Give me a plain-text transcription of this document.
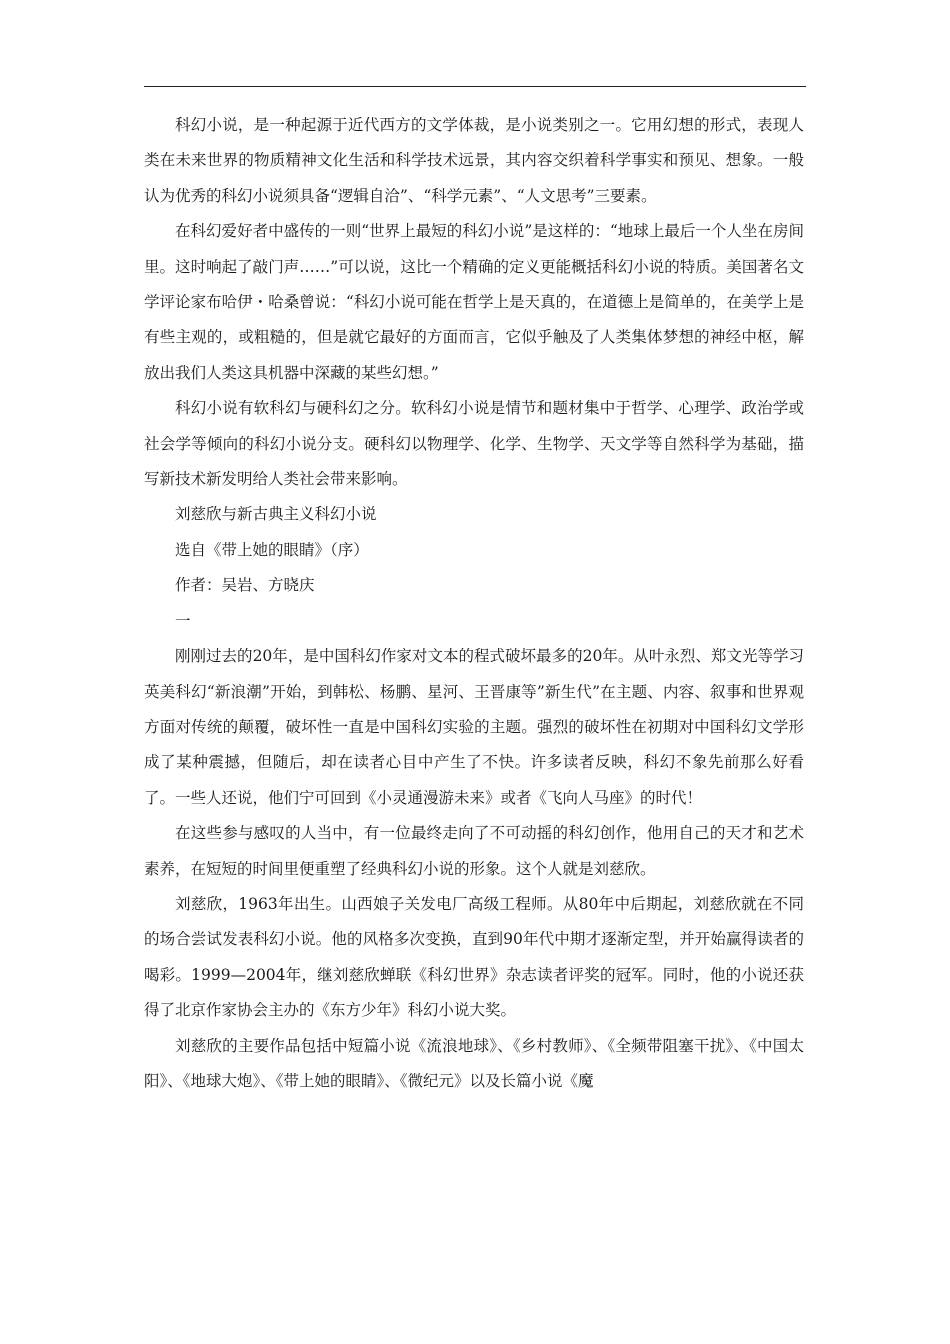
科幻小说，是一种起源于近代西方的文学体裁，是小说类别之一。它用幻想的形式，表现人类在未来世界的物质精神文化生活和科学技术远景，其内容交织着科学事实和预见、想象。一般认为优秀的科幻小说须具备“逻辑自洽”、“科学元素”、“人文思考”三要素。

在科幻爱好者中盛传的一则“世界上最短的科幻小说”是这样的：“地球上最后一个人坐在房间里。这时响起了敲门声……”可以说，这比一个精确的定义更能概括科幻小说的特质。美国著名文学评论家布哈伊・哈桑曾说：“科幻小说可能在哲学上是天真的，在道德上是简单的，在美学上是有些主观的，或粗糙的，但是就它最好的方面而言，它似乎触及了人类集体梦想的神经中枢，解放出我们人类这具机器中深藏的某些幻想。”

科幻小说有软科幻与硬科幻之分。软科幻小说是情节和题材集中于哲学、心理学、政治学或社会学等倾向的科幻小说分支。硬科幻以物理学、化学、生物学、天文学等自然科学为基础，描写新技术新发明给人类社会带来影响。

刘慈欣与新古典主义科幻小说

选自《带上她的眼睛》（序）

作者：吴岩、方晓庆

一

刚刚过去的20年，是中国科幻作家对文本的程式破坏最多的20年。从叶永烈、郑文光等学习英美科幻“新浪潮”开始，到韩松、杨鹏、星河、王晋康等”新生代”在主题、内容、叙事和世界观方面对传统的颠覆，破坏性一直是中国科幻实验的主题。强烈的破坏性在初期对中国科幻文学形成了某种震撼，但随后，却在读者心目中产生了不快。许多读者反映，科幻不象先前那么好看了。一些人还说，他们宁可回到《小灵通漫游未来》或者《飞向人马座》的时代！

在这些参与感叹的人当中，有一位最终走向了不可动摇的科幻创作，他用自己的天才和艺术素养，在短短的时间里便重塑了经典科幻小说的形象。这个人就是刘慈欣。

刘慈欣，1963年出生。山西娘子关发电厂高级工程师。从80年中后期起，刘慈欣就在不同的场合尝试发表科幻小说。他的风格多次变换，直到90年代中期才逐渐定型，并开始赢得读者的喝彩。1999—2004年，继刘慈欣蝉联《科幻世界》杂志读者评奖的冠军。同时，他的小说还获得了北京作家协会主办的《东方少年》科幻小说大奖。

刘慈欣的主要作品包括中短篇小说《流浪地球》、《乡村教师》、《全频带阻塞干扰》、《中国太阳》、《地球大炮》、《带上她的眼睛》、《微纪元》以及长篇小说《魔
